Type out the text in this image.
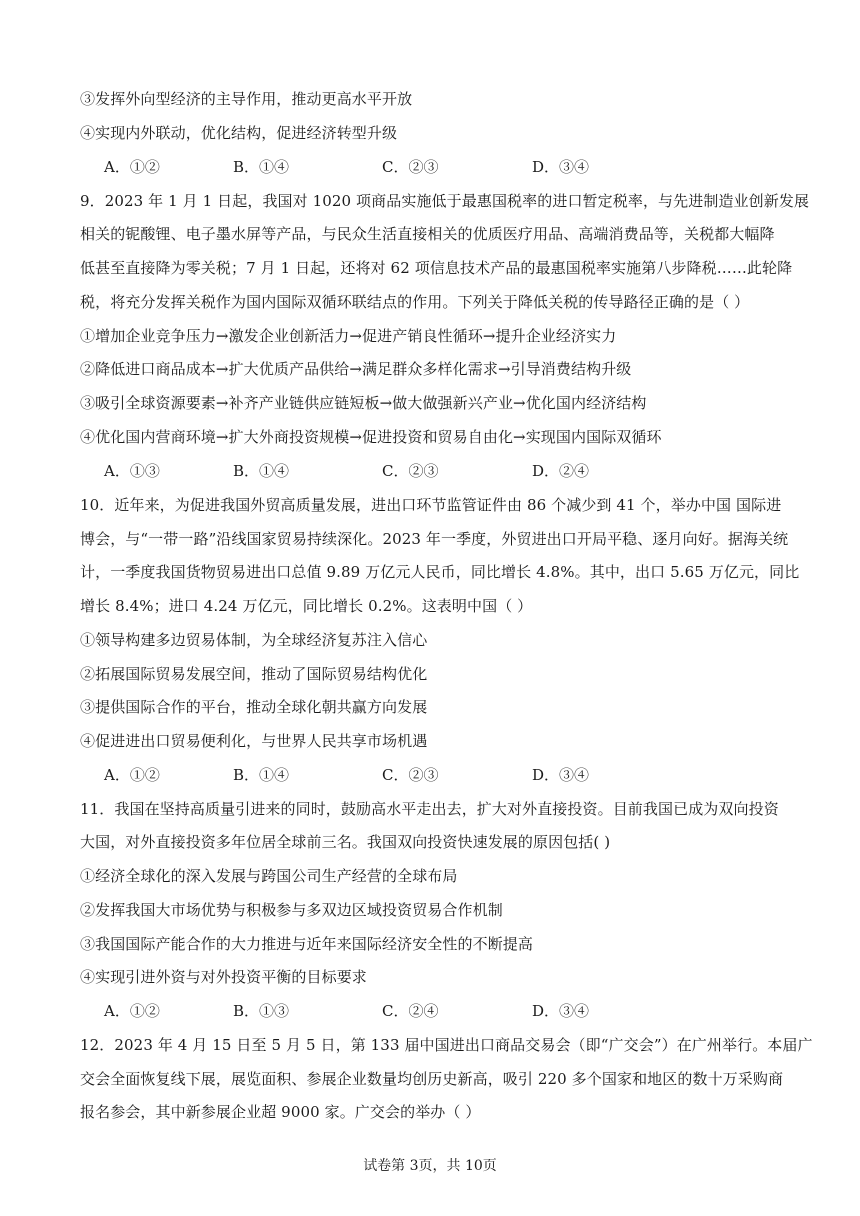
③发挥外向型经济的主导作用，推动更高水平开放
④实现内外联动，优化结构，促进经济转型升级
A．①②	B．①④	C．②③	D．③④
9．2023 年 1 月 1 日起，我国对 1020 项商品实施低于最惠国税率的进口暂定税率，与先进制造业创新发展
相关的铌酸锂、电子墨水屏等产品，与民众生活直接相关的优质医疗用品、高端消费品等，关税都大幅降
低甚至直接降为零关税；7 月 1 日起，还将对 62 项信息技术产品的最惠国税率实施第八步降税……此轮降
税，将充分发挥关税作为国内国际双循环联结点的作用。下列关于降低关税的传导路径正确的是（ ）
①增加企业竞争压力→激发企业创新活力→促进产销良性循环→提升企业经济实力
②降低进口商品成本→扩大优质产品供给→满足群众多样化需求→引导消费结构升级
③吸引全球资源要素→补齐产业链供应链短板→做大做强新兴产业→优化国内经济结构
④优化国内营商环境→扩大外商投资规模→促进投资和贸易自由化→实现国内国际双循环
A．①③	B．①④	C．②③	D．②④
10．近年来，为促进我国外贸高质量发展，进出口环节监管证件由 86 个减少到 41 个，举办中国 国际进
博会，与“一带一路”沿线国家贸易持续深化。2023 年一季度，外贸进出口开局平稳、逐月向好。据海关统
计，一季度我国货物贸易进出口总值 9.89 万亿元人民币，同比增长 4.8%。其中，出口 5.65 万亿元，同比
增长 8.4%；进口 4.24 万亿元，同比增长 0.2%。这表明中国（ ）
①领导构建多边贸易体制，为全球经济复苏注入信心
②拓展国际贸易发展空间，推动了国际贸易结构优化
③提供国际合作的平台，推动全球化朝共赢方向发展
④促进进出口贸易便利化，与世界人民共享市场机遇
A．①②	B．①④	C．②③	D．③④
11．我国在坚持高质量引进来的同时，鼓励高水平走出去，扩大对外直接投资。目前我国已成为双向投资
大国，对外直接投资多年位居全球前三名。我国双向投资快速发展的原因包括( )
①经济全球化的深入发展与跨国公司生产经营的全球布局
②发挥我国大市场优势与积极参与多双边区域投资贸易合作机制
③我国国际产能合作的大力推进与近年来国际经济安全性的不断提高
④实现引进外资与对外投资平衡的目标要求
A．①②	B．①③	C．②④	D．③④
12．2023 年 4 月 15 日至 5 月 5 日，第 133 届中国进出口商品交易会（即“广交会”）在广州举行。本届广
交会全面恢复线下展，展览面积、参展企业数量均创历史新高，吸引 220 多个国家和地区的数十万采购商
报名参会，其中新参展企业超 9000 家。广交会的举办（ ）
试卷第 3页，共 10页
